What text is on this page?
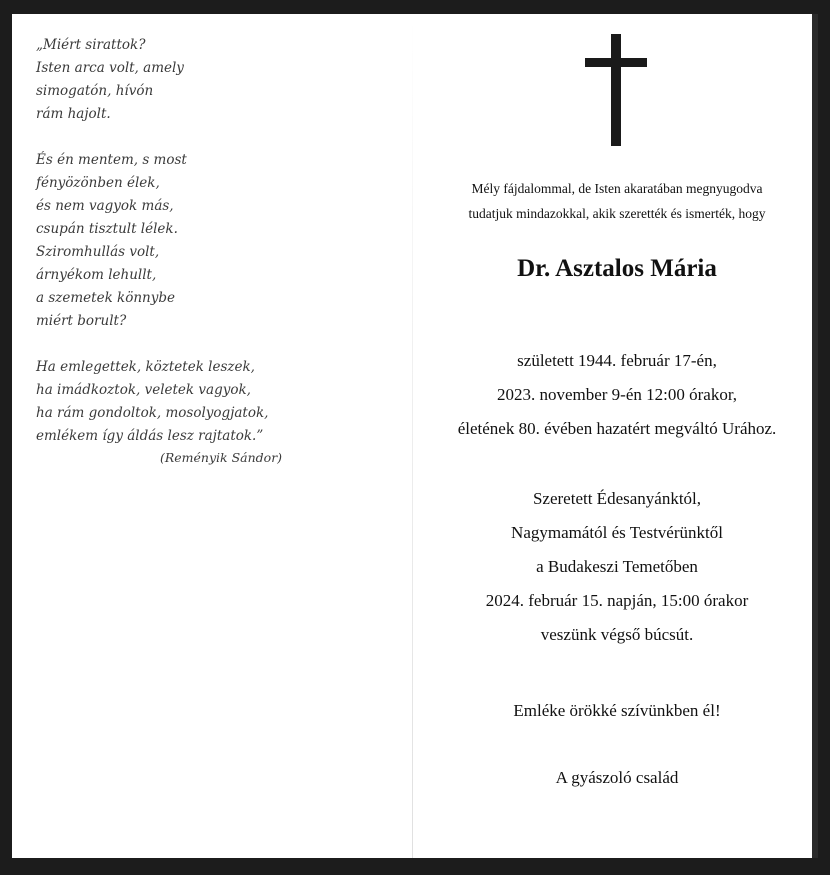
„Miért sirattok?
Isten arca volt, amely
simogatón, hívón
rám hajolt.
És én mentem, s most
fényözönben élek,
és nem vagyok más,
csupán tisztult lélek.
Sziromhullás volt,
árnyékom lehullt,
a szemetek könnybe
miért borult?
Ha emlegettek, köztetek leszek,
ha imádkoztok, veletek vagyok,
ha rám gondoltok, mosolyogjatok,
emlékem így áldás lesz rajtatok.”
(Reményik Sándor)
Mély fájdalommal, de Isten akaratában megnyugodva
tudatjuk mindazokkal, akik szerették és ismerték, hogy
Dr. Asztalos Mária
született 1944. február 17-én,
2023. november 9-én 12:00 órakor,
életének 80. évében hazatért megváltó Urához.
Szeretett Édesanyánktól,
Nagymamától és Testvérünktől
a Budakeszi Temetőben
2024. február 15. napján, 15:00 órakor
veszünk végső búcsút.
Emléke örökké szívünkben él!
A gyászoló család
